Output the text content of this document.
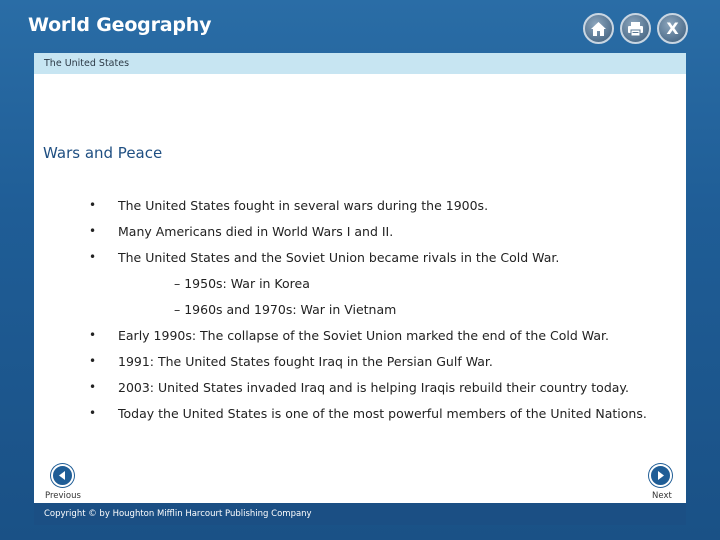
World Geography	X
The United States
Wars and Peace
• The United States fought in several wars during the 1900s.
• Many Americans died in World Wars I and II.
• The United States and the Soviet Union became rivals in the Cold War.
– 1950s: War in Korea
– 1960s and 1970s: War in Vietnam
• Early 1990s: The collapse of the Soviet Union marked the end of the Cold War.
• 1991: The United States fought Iraq in the Persian Gulf War.
• 2003: United States invaded Iraq and is helping Iraqis rebuild their country today.
• Today the United States is one of the most powerful members of the United Nations.
Previous	Next
Copyright © by Houghton Mifflin Harcourt Publishing Company
